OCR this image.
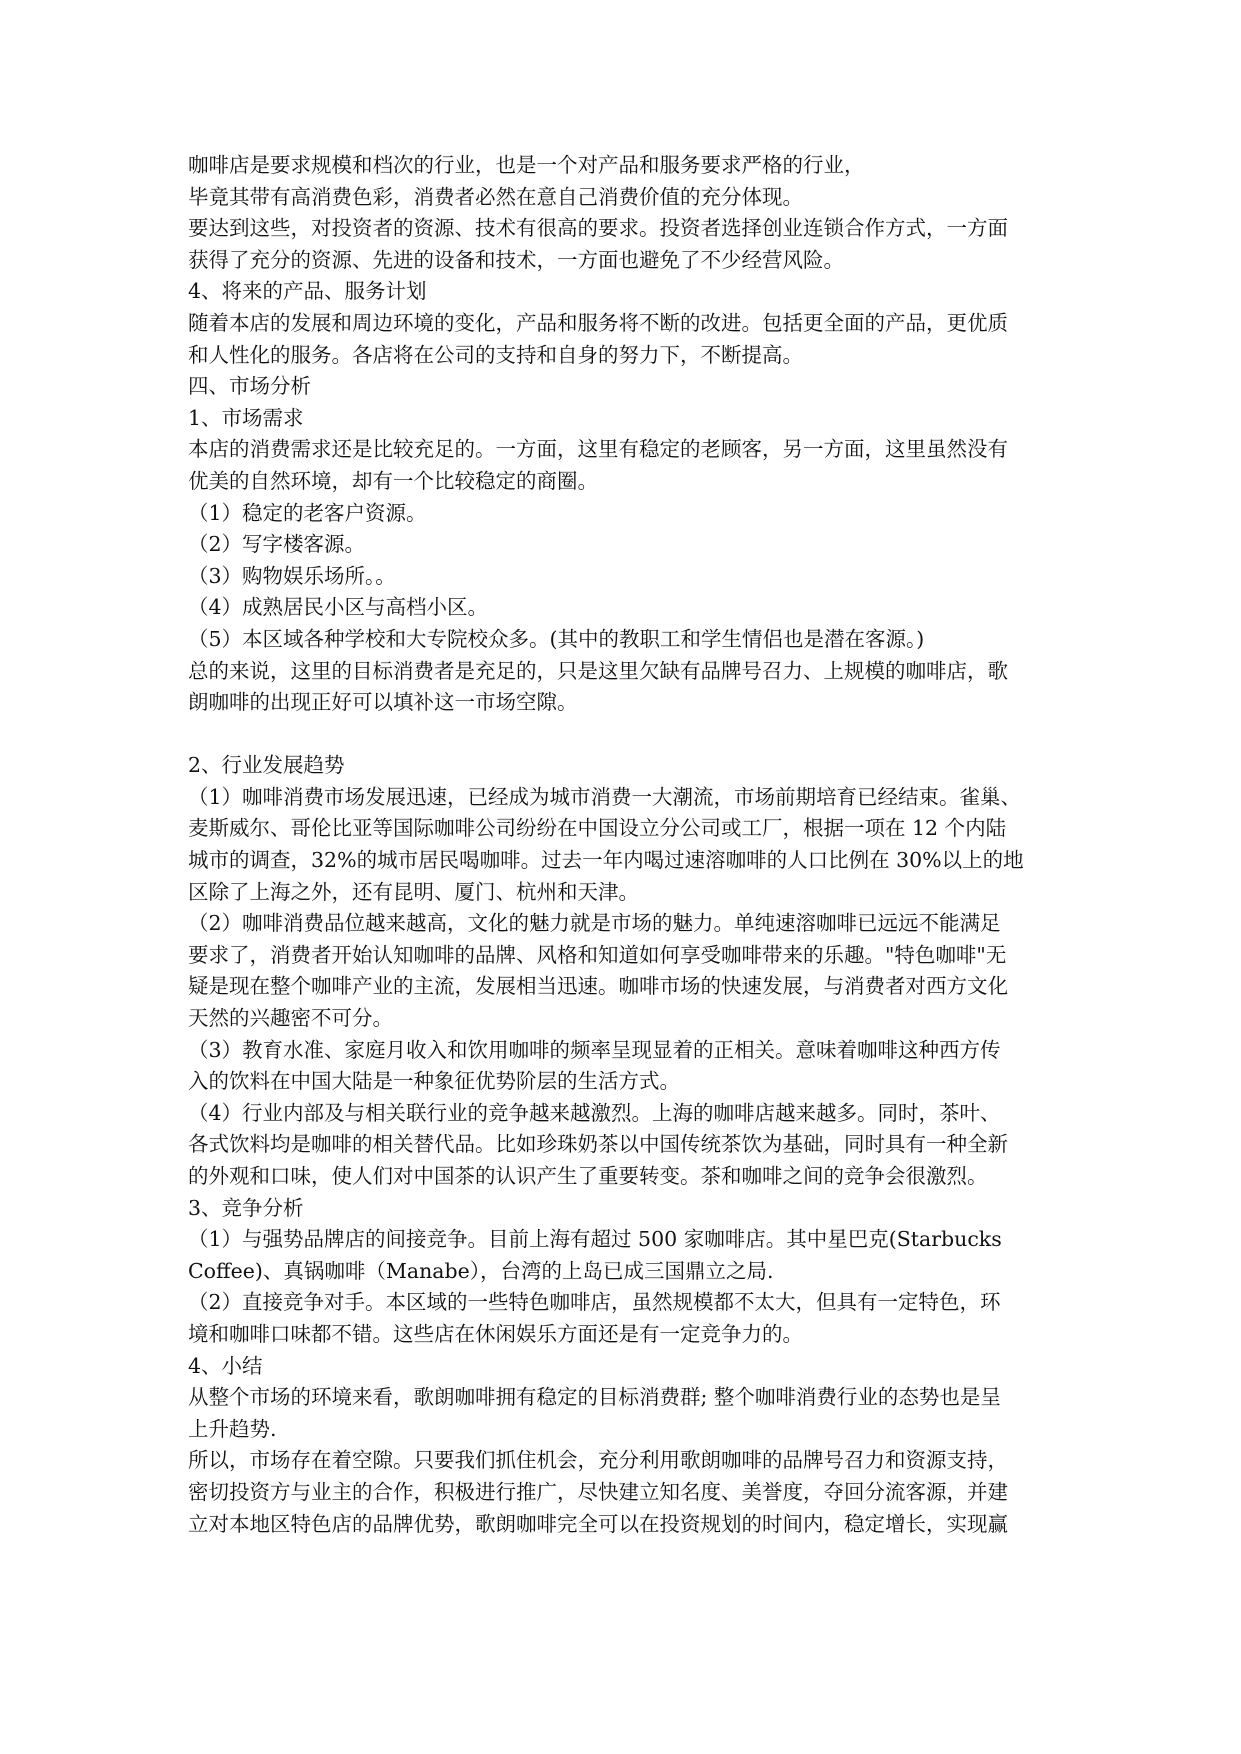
咖啡店是要求规模和档次的行业，也是一个对产品和服务要求严格的行业，
毕竟其带有高消费色彩，消费者必然在意自己消费价值的充分体现。
要达到这些，对投资者的资源、技术有很高的要求。投资者选择创业连锁合作方式，一方面
获得了充分的资源、先进的设备和技术，一方面也避免了不少经营风险。
4、将来的产品、服务计划
随着本店的发展和周边环境的变化，产品和服务将不断的改进。包括更全面的产品，更优质
和人性化的服务。各店将在公司的支持和自身的努力下，不断提高。
四、市场分析
1、市场需求
本店的消费需求还是比较充足的。一方面，这里有稳定的老顾客，另一方面，这里虽然没有
优美的自然环境，却有一个比较稳定的商圈。
（1）稳定的老客户资源。
（2）写字楼客源。
（3）购物娱乐场所。。
（4）成熟居民小区与高档小区。
（5）本区域各种学校和大专院校众多。(其中的教职工和学生情侣也是潜在客源。)
总的来说，这里的目标消费者是充足的，只是这里欠缺有品牌号召力、上规模的咖啡店，歌
朗咖啡的出现正好可以填补这一市场空隙。
2、行业发展趋势
（1）咖啡消费市场发展迅速，已经成为城市消费一大潮流，市场前期培育已经结束。雀巢、
麦斯威尔、哥伦比亚等国际咖啡公司纷纷在中国设立分公司或工厂，根据一项在 12 个内陆
城市的调查，32%的城市居民喝咖啡。过去一年内喝过速溶咖啡的人口比例在 30%以上的地
区除了上海之外，还有昆明、厦门、杭州和天津。
（2）咖啡消费品位越来越高，文化的魅力就是市场的魅力。单纯速溶咖啡已远远不能满足
要求了，消费者开始认知咖啡的品牌、风格和知道如何享受咖啡带来的乐趣。"特色咖啡"无
疑是现在整个咖啡产业的主流，发展相当迅速。咖啡市场的快速发展，与消费者对西方文化
天然的兴趣密不可分。
（3）教育水准、家庭月收入和饮用咖啡的频率呈现显着的正相关。意味着咖啡这种西方传
入的饮料在中国大陆是一种象征优势阶层的生活方式。
（4）行业内部及与相关联行业的竞争越来越激烈。上海的咖啡店越来越多。同时，茶叶、
各式饮料均是咖啡的相关替代品。比如珍珠奶茶以中国传统茶饮为基础，同时具有一种全新
的外观和口味，使人们对中国茶的认识产生了重要转变。茶和咖啡之间的竞争会很激烈。
3、竞争分析
（1）与强势品牌店的间接竞争。目前上海有超过 500 家咖啡店。其中星巴克(Starbucks
Coffee)、真锅咖啡（Manabe），台湾的上岛已成三国鼎立之局.
（2）直接竞争对手。本区域的一些特色咖啡店，虽然规模都不太大，但具有一定特色，环
境和咖啡口味都不错。这些店在休闲娱乐方面还是有一定竞争力的。
4、小结
从整个市场的环境来看，歌朗咖啡拥有稳定的目标消费群; 整个咖啡消费行业的态势也是呈
上升趋势.
所以，市场存在着空隙。只要我们抓住机会，充分利用歌朗咖啡的品牌号召力和资源支持，
密切投资方与业主的合作，积极进行推广，尽快建立知名度、美誉度，夺回分流客源，并建
立对本地区特色店的品牌优势，歌朗咖啡完全可以在投资规划的时间内，稳定增长，实现赢
